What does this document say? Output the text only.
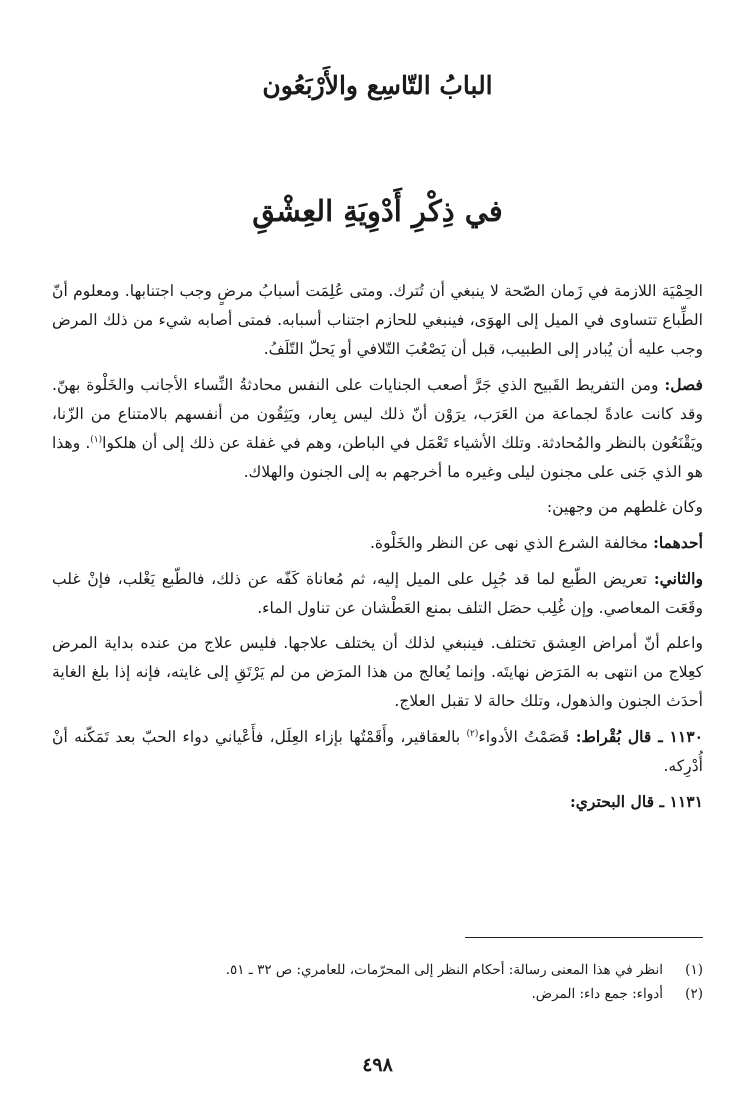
البابُ التّاسِع والأَرْبَعُون
في ذِكْرِ أَدْوِيَةِ العِشْقِ

الحِمْيَة اللازمة في زَمان الصّحة لا ينبغي أن تُترك. ومتى عُلِمَت أسبابُ مرضٍ وجب اجتنابها. ومعلوم أنّ الطِّباع تتساوى في الميل إلى الهوَى، فينبغي للحازم اجتناب أسبابه. فمتى أصابه شيء من ذلك المرض وجب عليه أن يُبادر إلى الطبيب، قبل أن يَصْعُبَ التّلافي أو يَحلّ التّلَفُ.

فصل: ومن التفريط القَبيح الذي جَرَّ أصعب الجنايات على النفس محادثةُ النِّساء الأجانب والخَلْوة بهنّ. وقد كانت عادةً لجماعة من العَرَب، يرَوْن أنّ ذلك ليس بِعار، ويَثِقُون من أنفسهم بالامتناع من الزّنا، ويَقْنَعُون بالنظر والمُحادثة. وتلك الأشياء تَعْمَل في الباطن، وهم في غفلة عن ذلك إلى أن هلكوا$^{(١)}$. وهذا هو الذي جَنى على مجنون ليلى وغيره ما أخرجهم به إلى الجنون والهلاك.

وكان غلطهم من وجهين:

أحدهما: مخالفة الشرع الذي نهى عن النظر والخَلْوة.

والثاني: تعريض الطّبع لما قد جُبِل على الميل إليه، ثم مُعاناة كَفّه عن ذلك، فالطّبع يَغْلب، فإنْ غلب وقَعَت المعاصي. وإن غُلِب حصَل التلف بمنع العَطْشان عن تناول الماء.

واعلم أنّ أمراض العِشق تختلف. فينبغي لذلك أن يختلف علاجها. فليس علاج من عنده بداية المرض كعِلاج من انتهى به المَرَض نهايتَه. وإنما يُعالج من هذا المرَض من لم يَرْتَقِ إلى غايته، فإنه إذا بلغ الغاية أحدَث الجنون والذهول، وتلك حالة لا تقبل العلاج.

١١٣٠ ـ قال بُقْراط: قَصَمْتُ الأدواء$^{(٢)}$ بالعقاقير، وأَقَمْتُها بإزاء العِلَل، فأَعْياني دواء الحبّ بعد تَمَكّنه أنْ أُدْرِكه.

١١٣١ ـ قال البحتري:

(١)
انظر في هذا المعنى رسالة: أحكام النظر إلى المحرّمات، للعامري: ص ٣٢ ـ ٥١.

(٢)
أدواء: جمع داء: المرض.

٤٩٨
